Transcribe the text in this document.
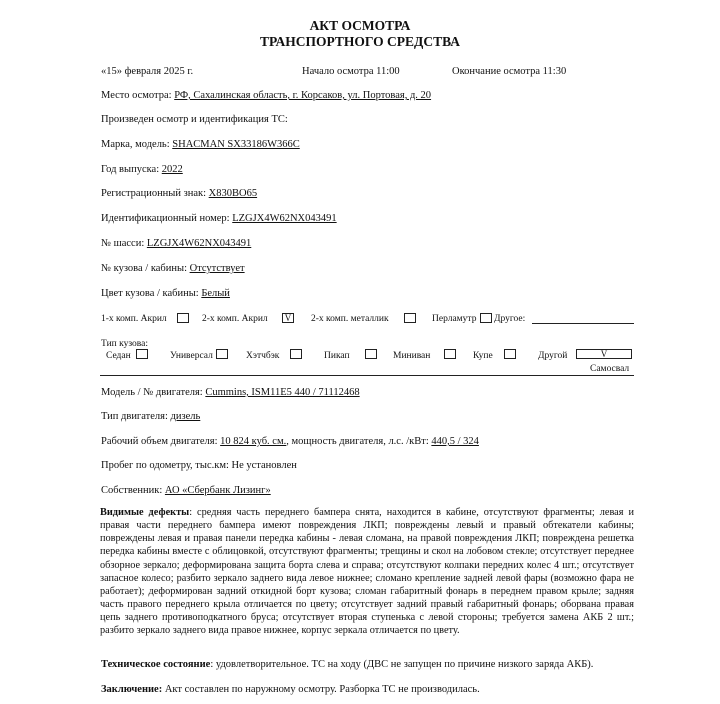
АКТ ОСМОТРА
ТРАНСПОРТНОГО СРЕДСТВА
«15» февраля 2025 г.	Начало осмотра 11:00	Окончание осмотра 11:30
Место осмотра: РФ, Сахалинская область, г. Корсаков, ул. Портовая, д. 20
Произведен осмотр и идентификация ТС:
Марка, модель: SHACMAN SX33186W366C
Год выпуска: 2022
Регистрационный знак: Х830ВО65
Идентификационный номер: LZGJX4W62NX043491
№ шасси: LZGJX4W62NX043491
№ кузова / кабины: Отсутствует
Цвет кузова / кабины: Белый
1-х комп. Акрил	2-х комп. Акрил	V 2-х комп. металлик	Перламутр Другое:
Тип кузова:
Седан	Универсал	Хэтчбэк	Пикап	Миниван	Купе	Другой	V
Самосвал
Модель / № двигателя: Cummins, ISM11E5 440 / 71112468
Тип двигателя: дизель
Рабочий объем двигателя: 10 824 куб. см., мощность двигателя, л.с. /кВт: 440,5 / 324
Пробег по одометру, тыс.км: Не установлен
Собственник: АО «Сбербанк Лизинг»
Видимые дефекты: средняя часть переднего бампера снята, находится в кабине, отсутствуют фрагменты; левая и правая части переднего бампера имеют повреждения ЛКП; повреждены левый и правый обтекатели кабины; повреждены левая и правая панели передка кабины - левая сломана, на правой повреждения ЛКП; повреждена решетка передка кабины вместе с облицовкой, отсутствуют фрагменты; трещины и скол на лобовом стекле; отсутствует переднее обзорное зеркало; деформирована защита борта слева и справа; отсутствуют колпаки передних колес 4 шт.; отсутствует запасное колесо; разбито зеркало заднего вида левое нижнее; сломано крепление задней левой фары (возможно фара не работает); деформирован задний откидной борт кузова; сломан габаритный фонарь в переднем правом крыле; задняя часть правого переднего крыла отличается по цвету; отсутствует задний правый габаритный фонарь; оборвана правая цепь заднего противоподкатного бруса; отсутствует вторая ступенька с левой стороны; требуется замена АКБ 2 шт.; разбито зеркало заднего вида правое нижнее, корпус зеркала отличается по цвету.
Техническое состояние: удовлетворительное. ТС на ходу (ДВС не запущен по причине низкого заряда АКБ).
Заключение: Акт составлен по наружному осмотру. Разборка ТС не производилась.
